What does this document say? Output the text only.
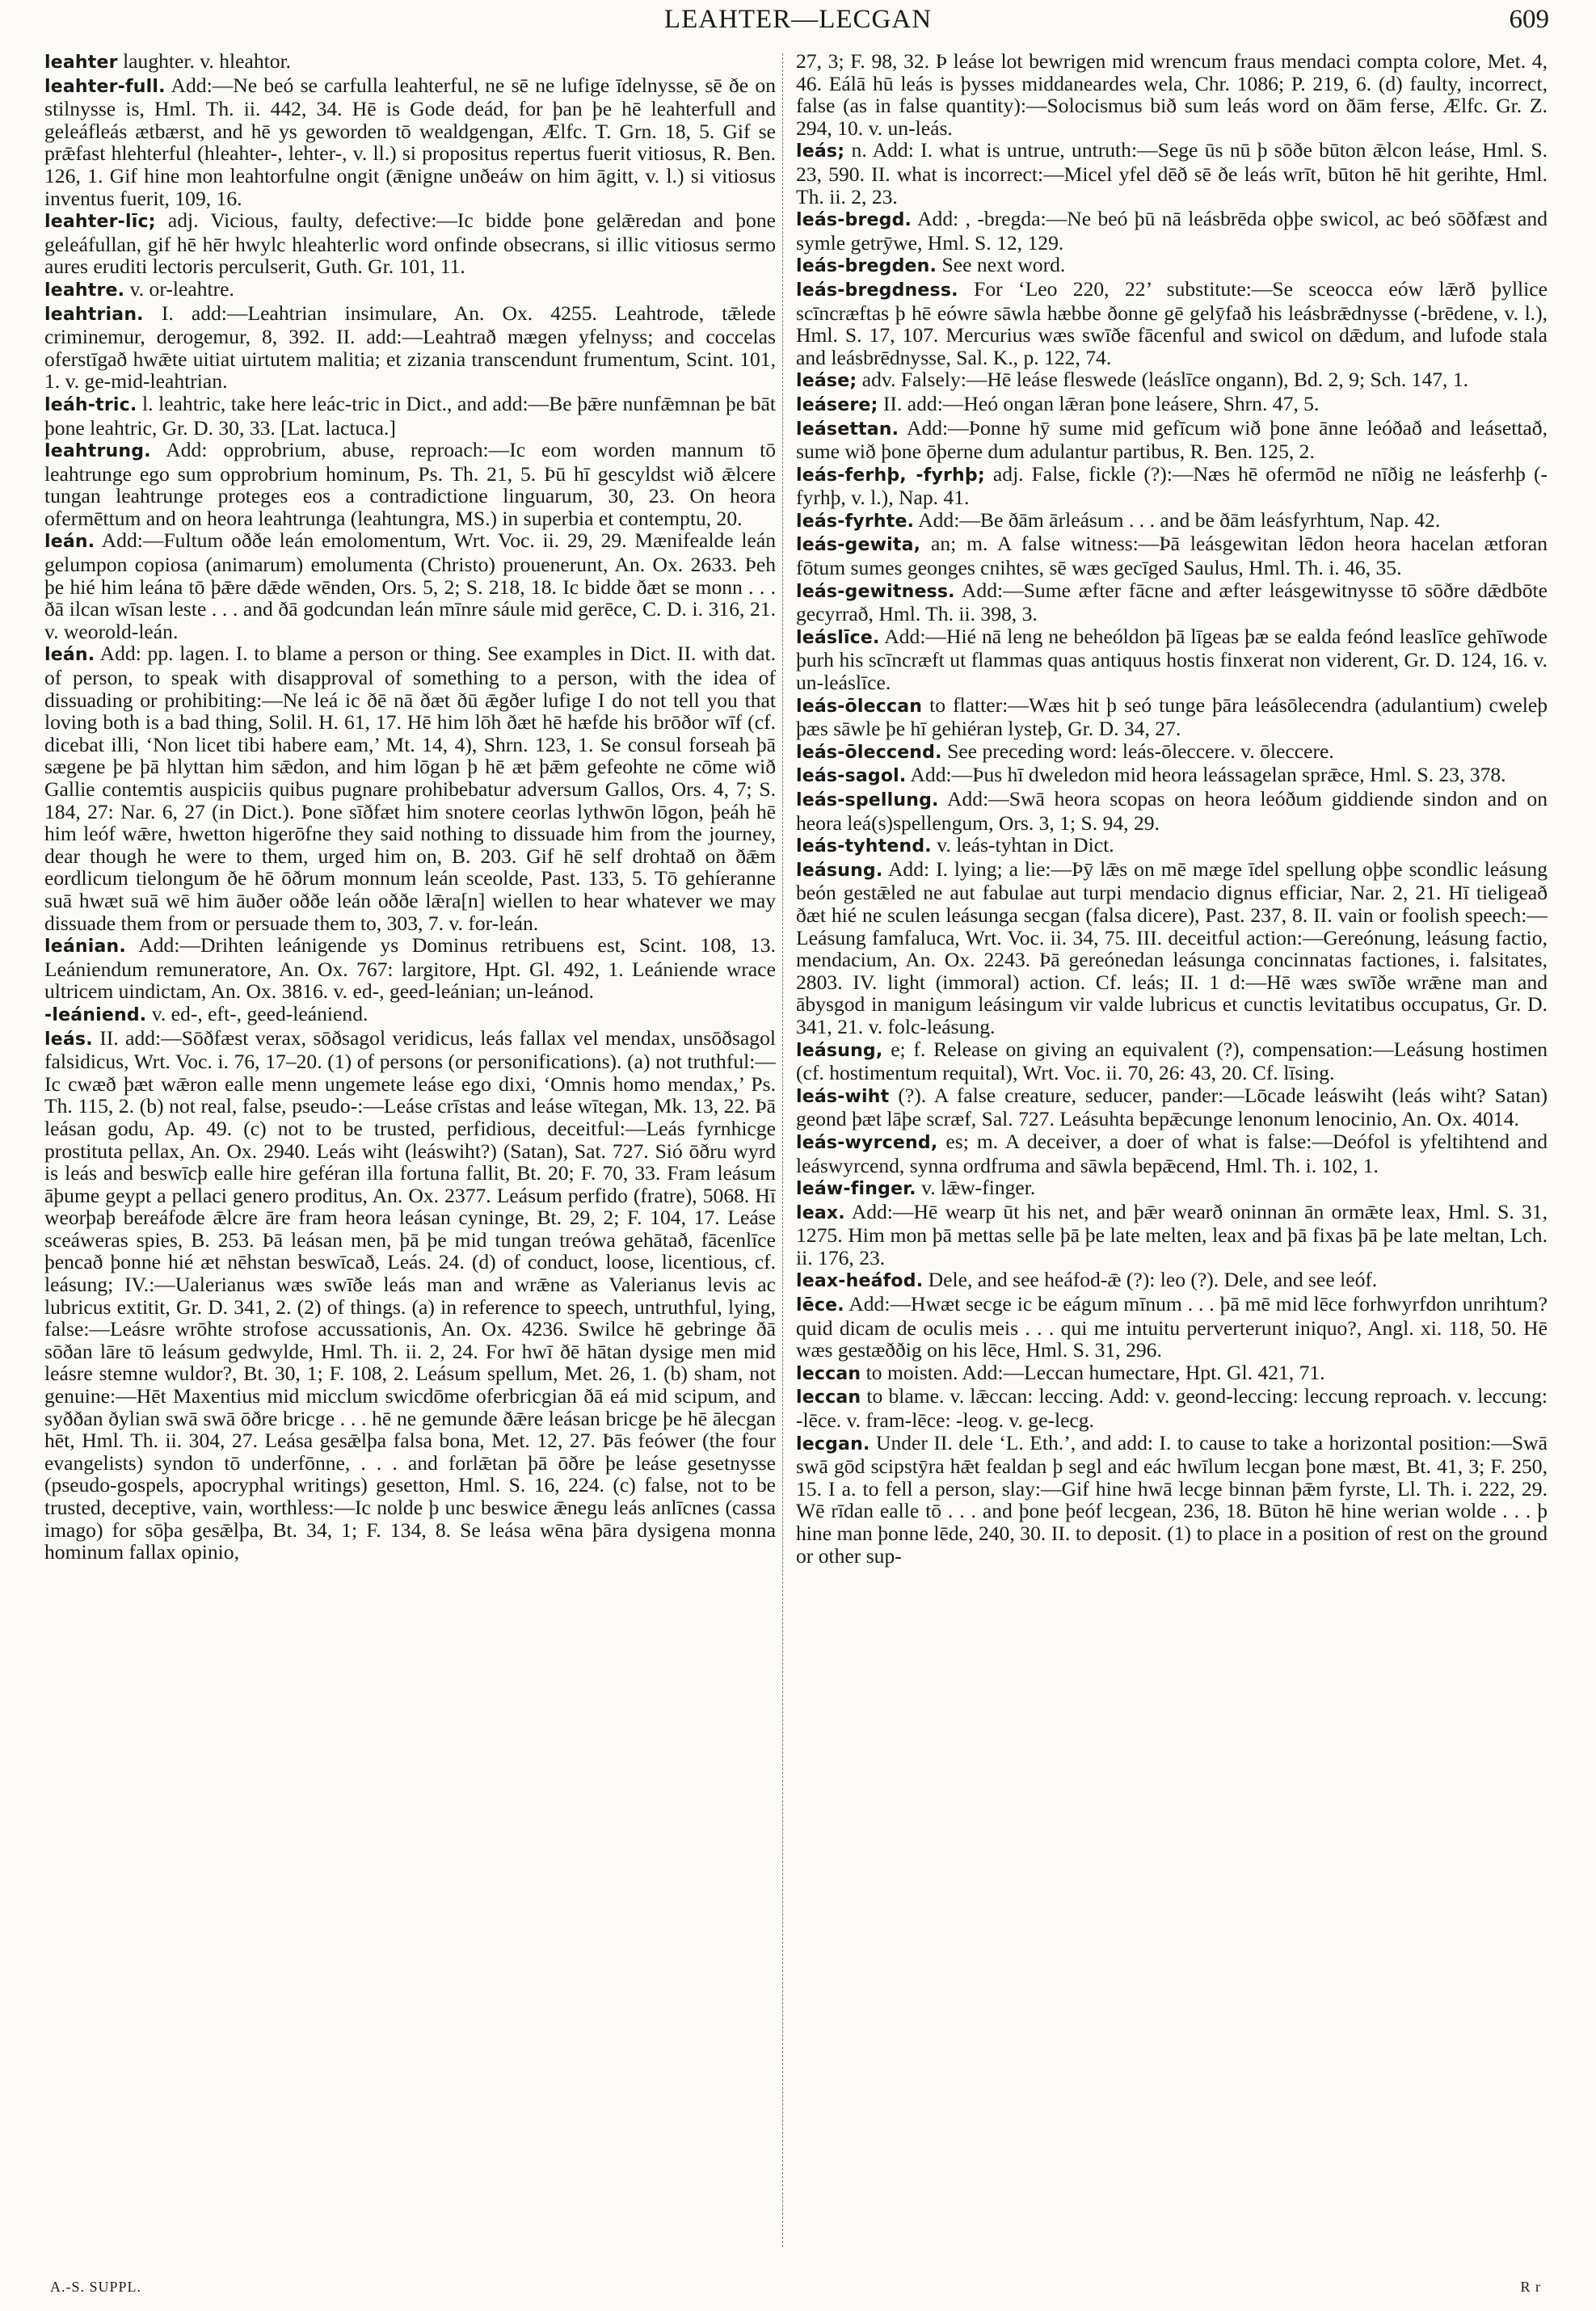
LEAHTER—LECGAN	609

leahter laughter. v. hleahtor.

leahter-full. Add:—Ne beó se carfulla leahterful, ne sē ne lufige īdelnysse, sē ðe on stilnysse is, Hml. Th. ii. 442, 34. Hē is Gode deád, for þan þe hē leahterfull and geleáfleás ætbærst, and hē ys geworden tō wealdgengan, Ælfc. T. Grn. 18, 5. Gif se prǣfast hlehterful (hleahter-, lehter-, v. ll.) si propositus repertus fuerit vitiosus, R. Ben. 126, 1. Gif hine mon leahtorfulne ongit (ǣnigne unðeáw on him āgitt, v. l.) si vitiosus inventus fuerit, 109, 16.

leahter-līc; adj. Vicious, faulty, defective:—Ic bidde þone gelǣredan and þone geleáfullan, gif hē hēr hwylc hleahterlic word onfinde obsecrans, si illic vitiosus sermo aures eruditi lectoris perculserit, Guth. Gr. 101, 11.

leahtre. v. or-leahtre.

leahtrian. I. add:—Leahtrian insimulare, An. Ox. 4255. Leahtrode, tǣlede criminemur, derogemur, 8, 392. II. add:—Leahtrað mægen yfelnyss; and coccelas oferstīgað hwǣte uitiat uirtutem malitia; et zizania transcendunt frumentum, Scint. 101, 1. v. ge-mid-leahtrian.

leáh-tric. l. leahtric, take here leác-tric in Dict., and add:—Be þǣre nunfǣmnan þe bāt þone leahtric, Gr. D. 30, 33. [Lat. lactuca.]

leahtrung. Add: opprobrium, abuse, reproach:—Ic eom worden mannum tō leahtrunge ego sum opprobrium hominum, Ps. Th. 21, 5. Þū hī gescyldst wið ǣlcere tungan leahtrunge proteges eos a contradictione linguarum, 30, 23. On heora ofermēttum and on heora leahtrunga (leahtungra, MS.) in superbia et contemptu, 20.

leán. Add:—Fultum oððe leán emolomentum, Wrt. Voc. ii. 29, 29. Mænifealde leán gelumpon copiosa (animarum) emolumenta (Christo) prouenerunt, An. Ox. 2633. Þeh þe hié him leána tō þǣre dǣde wēnden, Ors. 5, 2; S. 218, 18. Ic bidde ðæt se monn . . . ðā ilcan wīsan leste . . . and ðā godcundan leán mīnre sáule mid gerēce, C. D. i. 316, 21. v. weorold-leán.

leán. Add: pp. lagen. I. to blame a person or thing. See examples in Dict. II. with dat. of person, to speak with disapproval of something to a person, with the idea of dissuading or prohibiting:—Ne leá ic ðē nā ðæt ðū ǣgðer lufige I do not tell you that loving both is a bad thing, Solil. H. 61, 17. Hē him lōh ðæt hē hæfde his brōðor wīf (cf. dicebat illi, ‘Non licet tibi habere eam,’ Mt. 14, 4), Shrn. 123, 1. Se consul forseah þā sægene þe þā hlyttan him sǣdon, and him lōgan þ hē æt þǣm gefeohte ne cōme wið Gallie contemtis auspiciis quibus pugnare prohibebatur adversum Gallos, Ors. 4, 7; S. 184, 27: Nar. 6, 27 (in Dict.). Þone sīðfæt him snotere ceorlas lythwōn lōgon, þeáh hē him leóf wǣre, hwetton higerōfne they said nothing to dissuade him from the journey, dear though he were to them, urged him on, B. 203. Gif hē self drohtað on ðǣm eordlicum tielongum ðe hē ōðrum monnum leán sceolde, Past. 133, 5. Tō gehíeranne suā hwæt suā wē him āuðer oððe leán oððe lǣra[n] wiellen to hear whatever we may dissuade them from or persuade them to, 303, 7. v. for-leán.

leánian. Add:—Drihten leánigende ys Dominus retribuens est, Scint. 108, 13. Leániendum remuneratore, An. Ox. 767: largitore, Hpt. Gl. 492, 1. Leániende wrace ultricem uindictam, An. Ox. 3816. v. ed-, geed-leánian; un-leánod.

-leániend. v. ed-, eft-, geed-leániend.

leás. II. add:—Sōðfæst verax, sōðsagol veridicus, leás fallax vel mendax, unsōðsagol falsidicus, Wrt. Voc. i. 76, 17–20. (1) of persons (or personifications). (a) not truthful:—Ic cwæð þæt wǣron ealle menn ungemete leáse ego dixi, ‘Omnis homo mendax,’ Ps. Th. 115, 2. (b) not real, false, pseudo-:—Leáse crīstas and leáse wītegan, Mk. 13, 22. Þā leásan godu, Ap. 49. (c) not to be trusted, perfidious, deceitful:—Leás fyrnhicge prostituta pellax, An. Ox. 2940. Leás wiht (leáswiht?) (Satan), Sat. 727. Sió ōðru wyrd is leás and beswīcþ ealle hire geféran illa fortuna fallit, Bt. 20; F. 70, 33. Fram leásum āþume geypt a pellaci genero proditus, An. Ox. 2377. Leásum perfido (fratre), 5068. Hī weorþaþ bereáfode ǣlcre āre fram heora leásan cyninge, Bt. 29, 2; F. 104, 17. Leáse sceáweras spies, B. 253. Þā leásan men, þā þe mid tungan treówa gehātað, fācenlīce þencað þonne hié æt nēhstan beswīcað, Leás. 24. (d) of conduct, loose, licentious, cf. leásung; IV.:—Ualerianus wæs swīðe leás man and wrǣne as Valerianus levis ac lubricus extitit, Gr. D. 341, 2. (2) of things. (a) in reference to speech, untruthful, lying, false:—Leásre wrōhte strofose accussationis, An. Ox. 4236. Swilce hē gebringe ðā sōðan lāre tō leásum gedwylde, Hml. Th. ii. 2, 24. For hwī ðē hātan dysige men mid leásre stemne wuldor?, Bt. 30, 1; F. 108, 2. Leásum spellum, Met. 26, 1. (b) sham, not genuine:—Hēt Maxentius mid micclum swicdōme oferbricgian ðā eá mid scipum, and syððan ðylian swā swā ōðre bricge . . . hē ne gemunde ðǣre leásan bricge þe hē ālecgan hēt, Hml. Th. ii. 304, 27. Leása gesǣlþa falsa bona, Met. 12, 27. Þās feówer (the four evangelists) syndon tō underfōnne, . . . and forlǣtan þā ōðre þe leáse gesetnysse (pseudo-gospels, apocryphal writings) gesetton, Hml. S. 16, 224. (c) false, not to be trusted, deceptive, vain, worthless:—Ic nolde þ unc beswice ǣnegu leás anlīcnes (cassa imago) for sōþa gesǣlþa, Bt. 34, 1; F. 134, 8. Se leása wēna þāra dysigena monna hominum fallax opinio,

27, 3; F. 98, 32. Þ leáse lot bewrigen mid wrencum fraus mendaci compta colore, Met. 4, 46. Eálā hū leás is þysses middaneardes wela, Chr. 1086; P. 219, 6. (d) faulty, incorrect, false (as in false quantity):—Solocismus bið sum leás word on ðām ferse, Ælfc. Gr. Z. 294, 10. v. un-leás.

leás; n. Add: I. what is untrue, untruth:—Sege ūs nū þ sōðe būton ǣlcon leáse, Hml. S. 23, 590. II. what is incorrect:—Micel yfel dēð sē ðe leás wrīt, būton hē hit gerihte, Hml. Th. ii. 2, 23.

leás-bregd. Add: , -bregda:—Ne beó þū nā leásbrēda oþþe swicol, ac beó sōðfæst and symle getrȳwe, Hml. S. 12, 129.

leás-bregden. See next word.

leás-bregdness. For ‘Leo 220, 22’ substitute:—Se sceocca eów lǣrð þyllice scīncræftas þ hē eówre sāwla hæbbe ðonne gē gelȳfað his leásbrǣdnysse (-brēdene, v. l.), Hml. S. 17, 107. Mercurius wæs swīðe fācenful and swicol on dǣdum, and lufode stala and leásbrēdnysse, Sal. K., p. 122, 74.

leáse; adv. Falsely:—Hē leáse fleswede (leáslīce ongann), Bd. 2, 9; Sch. 147, 1.

leásere; II. add:—Heó ongan lǣran þone leásere, Shrn. 47, 5.

leásettan. Add:—Þonne hȳ sume mid gefīcum wið þone ānne leóðað and leásettað, sume wið þone ōþerne dum adulantur partibus, R. Ben. 125, 2.

leás-ferhþ, -fyrhþ; adj. False, fickle (?):—Næs hē ofermōd ne nīðig ne leásferhþ (-fyrhþ, v. l.), Nap. 41.

leás-fyrhte. Add:—Be ðām ārleásum . . . and be ðām leásfyrhtum, Nap. 42.

leás-gewita, an; m. A false witness:—Þā leásgewitan lēdon heora hacelan ætforan fōtum sumes geonges cnihtes, sē wæs gecīged Saulus, Hml. Th. i. 46, 35.

leás-gewitness. Add:—Sume æfter fācne and æfter leásgewitnysse tō sōðre dǣdbōte gecyrrað, Hml. Th. ii. 398, 3.

leáslīce. Add:—Hié nā leng ne beheóldon þā līgeas þæ se ealda feónd leaslīce gehīwode þurh his scīncræft ut flammas quas antiquus hostis finxerat non viderent, Gr. D. 124, 16. v. un-leáslīce.

leás-ōleccan to flatter:—Wæs hit þ seó tunge þāra leásōlecendra (adulantium) cweleþ þæs sāwle þe hī gehiéran lysteþ, Gr. D. 34, 27.

leás-ōleccend. See preceding word: leás-ōleccere. v. ōleccere.

leás-sagol. Add:—Þus hī dweledon mid heora leássagelan sprǣce, Hml. S. 23, 378.

leás-spellung. Add:—Swā heora scopas on heora leóðum giddiende sindon and on heora leá(s)spellengum, Ors. 3, 1; S. 94, 29.

leás-tyhtend. v. leás-tyhtan in Dict.

leásung. Add: I. lying; a lie:—Þȳ lǣs on mē mæge īdel spellung oþþe scondlic leásung beón gestǣled ne aut fabulae aut turpi mendacio dignus efficiar, Nar. 2, 21. Hī tieligeað ðæt hié ne sculen leásunga secgan (falsa dicere), Past. 237, 8. II. vain or foolish speech:—Leásung famfaluca, Wrt. Voc. ii. 34, 75. III. deceitful action:—Gereónung, leásung factio, mendacium, An. Ox. 2243. Þā gereónedan leásunga concinnatas factiones, i. falsitates, 2803. IV. light (immoral) action. Cf. leás; II. 1 d:—Hē wæs swīðe wrǣne man and ābysgod in manigum leásingum vir valde lubricus et cunctis levitatibus occupatus, Gr. D. 341, 21. v. folc-leásung.

leásung, e; f. Release on giving an equivalent (?), compensation:—Leásung hostimen (cf. hostimentum requital), Wrt. Voc. ii. 70, 26: 43, 20. Cf. līsing.

leás-wiht (?). A false creature, seducer, pander:—Lōcade leáswiht (leás wiht? Satan) geond þæt lāþe scræf, Sal. 727. Leásuhta bepǣcunge lenonum lenocinio, An. Ox. 4014.

leás-wyrcend, es; m. A deceiver, a doer of what is false:—Deófol is yfeltihtend and leáswyrcend, synna ordfruma and sāwla bepǣcend, Hml. Th. i. 102, 1.

leáw-finger. v. lǣw-finger.

leax. Add:—Hē wearp ūt his net, and þǣr wearð oninnan ān ormǣte leax, Hml. S. 31, 1275. Him mon þā mettas selle þā þe late melten, leax and þā fixas þā þe late meltan, Lch. ii. 176, 23.

leax-heáfod. Dele, and see heáfod-ǣ (?): leo (?). Dele, and see leóf.

lēce. Add:—Hwæt secge ic be eágum mīnum . . . þā mē mid lēce forhwyrfdon unrihtum? quid dicam de oculis meis . . . qui me intuitu perverterunt iniquo?, Angl. xi. 118, 50. Hē wæs gestæððig on his lēce, Hml. S. 31, 296.

leccan to moisten. Add:—Leccan humectare, Hpt. Gl. 421, 71.

leccan to blame. v. lǣccan: leccing. Add: v. geond-leccing: leccung reproach. v. leccung: -lēce. v. fram-lēce: -leog. v. ge-lecg.

lecgan. Under II. dele ‘L. Eth.’, and add: I. to cause to take a horizontal position:—Swā swā gōd scipstȳra hǣt fealdan þ segl and eác hwīlum lecgan þone mæst, Bt. 41, 3; F. 250, 15. I a. to fell a person, slay:—Gif hine hwā lecge binnan þǣm fyrste, Ll. Th. i. 222, 29. Wē rīdan ealle tō . . . and þone þeóf lecgean, 236, 18. Būton hē hine werian wolde . . . þ hine man þonne lēde, 240, 30. II. to deposit. (1) to place in a position of rest on the ground or other sup-

A.-S. SUPPL.	R r
